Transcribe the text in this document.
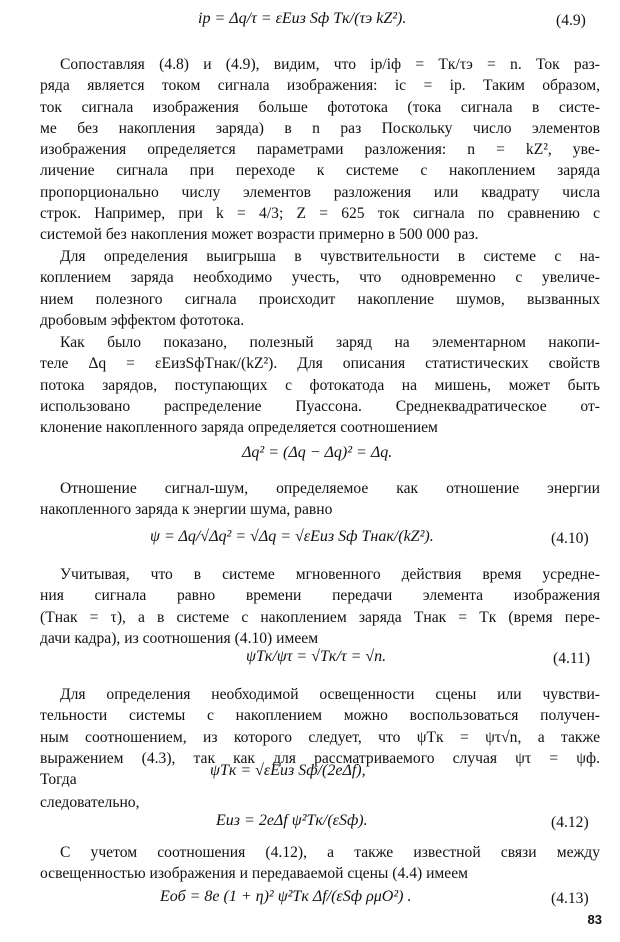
iр = Δq/τ = εEиз Sф Tк/(τэ kZ²).	(4.9)
Сопоставляя (4.8) и (4.9), видим, что iр/iф = Tк/τэ = n. Ток раз-
ряда является током сигнала изображения: iс = iр. Таким образом,
ток сигнала изображения больше фототока (тока сигнала в систе-
ме без накопления заряда) в n раз Поскольку число элементов
изображения определяется параметрами разложения: n = kZ², уве-
личение сигнала при переходе к системе с накоплением заряда
пропорционально числу элементов разложения или квадрату числа
строк. Например, при k = 4/3; Z = 625 ток сигнала по сравнению с
системой без накопления может возрасти примерно в 500 000 раз.
Для определения выигрыша в чувствительности в системе с на-
коплением заряда необходимо учесть, что одновременно с увеличе-
нием полезного сигнала происходит накопление шумов, вызванных
дробовым эффектом фототока.
Как было показано, полезный заряд на элементарном накопи-
теле Δq = εEизSфTнак/(kZ²). Для описания статистических свойств
потока зарядов, поступающих с фотокатода на мишень, может быть
использовано распределение Пуассона. Среднеквадратическое от-
клонение накопленного заряда определяется соотношением
Δq² = (Δq − Δq)² = Δq.
Отношение сигнал-шум, определяемое как отношение энергии
накопленного заряда к энергии шума, равно
ψ = Δq/√Δq² = √Δq = √εEиз Sф Tнак/(kZ²).	(4.10)
Учитывая, что в системе мгновенного действия время усредне-
ния сигнала равно времени передачи элемента изображения
(Tнак = τ), а в системе с накоплением заряда Tнак = Tк (время пере-
дачи кадра), из соотношения (4.10) имеем
ψTк/ψτ = √Tк/τ = √n.	(4.11)
Для определения необходимой освещенности сцены или чувстви-
тельности системы с накоплением можно воспользоваться получен-
ным соотношением, из которого следует, что ψTк = ψτ√n, а также
выражением (4.3), так как для рассматриваемого случая ψτ = ψф.
Тогда
ψTк = √εEиз Sф/(2eΔf),
следовательно,
Eиз = 2eΔf ψ²Tк/(εSф).	(4.12)
С учетом соотношения (4.12), а также известной связи между
освещенностью изображения и передаваемой сцены (4.4) имеем
Eоб = 8e (1 + η)² ψ²Tк Δf/(εSф ρμO²) .	(4.13)
83
